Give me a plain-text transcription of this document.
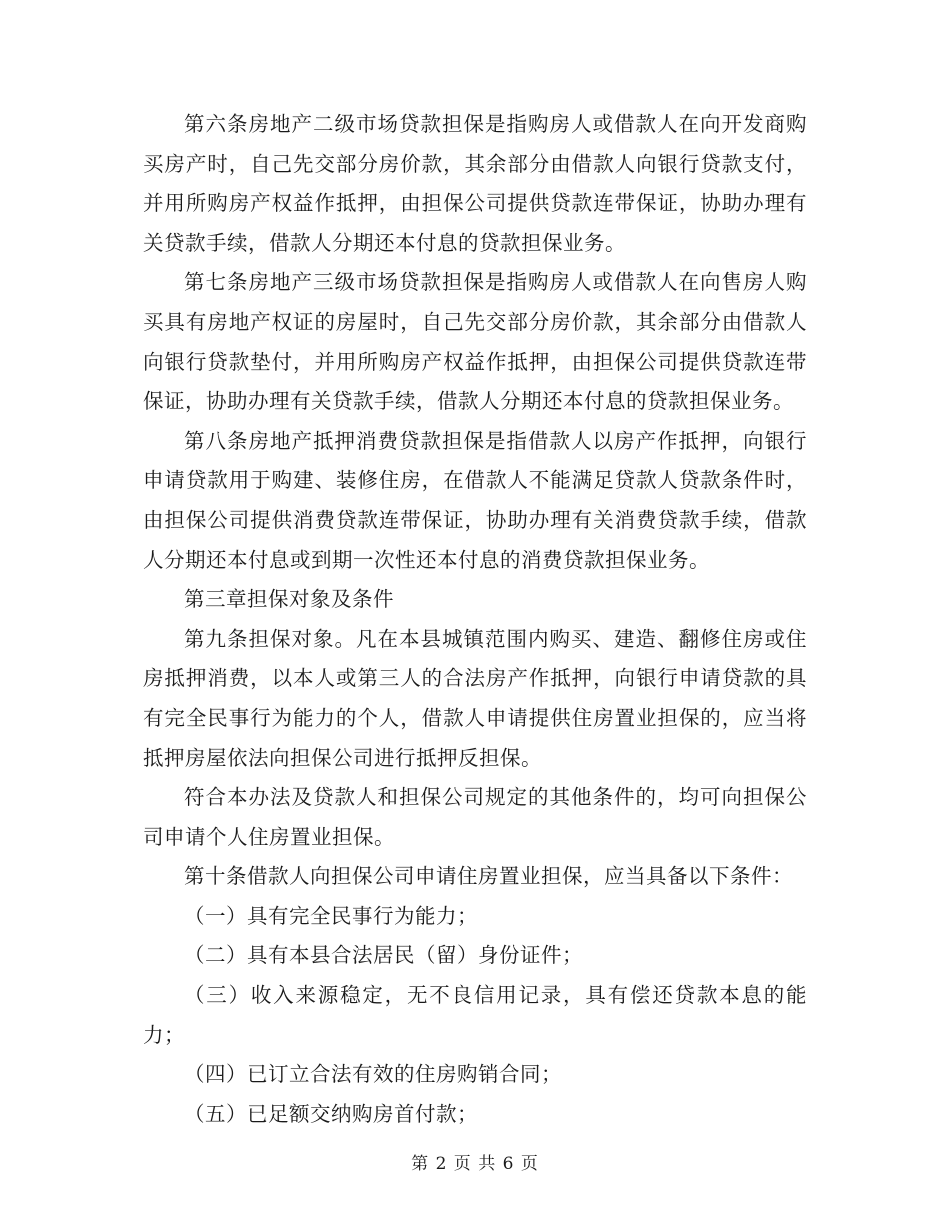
第六条房地产二级市场贷款担保是指购房人或借款人在向开发商购买房产时，自己先交部分房价款，其余部分由借款人向银行贷款支付，并用所购房产权益作抵押，由担保公司提供贷款连带保证，协助办理有关贷款手续，借款人分期还本付息的贷款担保业务。

第七条房地产三级市场贷款担保是指购房人或借款人在向售房人购买具有房地产权证的房屋时，自己先交部分房价款，其余部分由借款人向银行贷款垫付，并用所购房产权益作抵押，由担保公司提供贷款连带保证，协助办理有关贷款手续，借款人分期还本付息的贷款担保业务。

第八条房地产抵押消费贷款担保是指借款人以房产作抵押，向银行申请贷款用于购建、装修住房，在借款人不能满足贷款人贷款条件时，由担保公司提供消费贷款连带保证，协助办理有关消费贷款手续，借款人分期还本付息或到期一次性还本付息的消费贷款担保业务。

第三章担保对象及条件

第九条担保对象。凡在本县城镇范围内购买、建造、翻修住房或住房抵押消费，以本人或第三人的合法房产作抵押，向银行申请贷款的具有完全民事行为能力的个人，借款人申请提供住房置业担保的，应当将抵押房屋依法向担保公司进行抵押反担保。

符合本办法及贷款人和担保公司规定的其他条件的，均可向担保公司申请个人住房置业担保。

第十条借款人向担保公司申请住房置业担保，应当具备以下条件：

（一）具有完全民事行为能力；

（二）具有本县合法居民（留）身份证件；

（三）收入来源稳定，无不良信用记录，具有偿还贷款本息的能力；

（四）已订立合法有效的住房购销合同；

（五）已足额交纳购房首付款；

第 2 页 共 6 页
